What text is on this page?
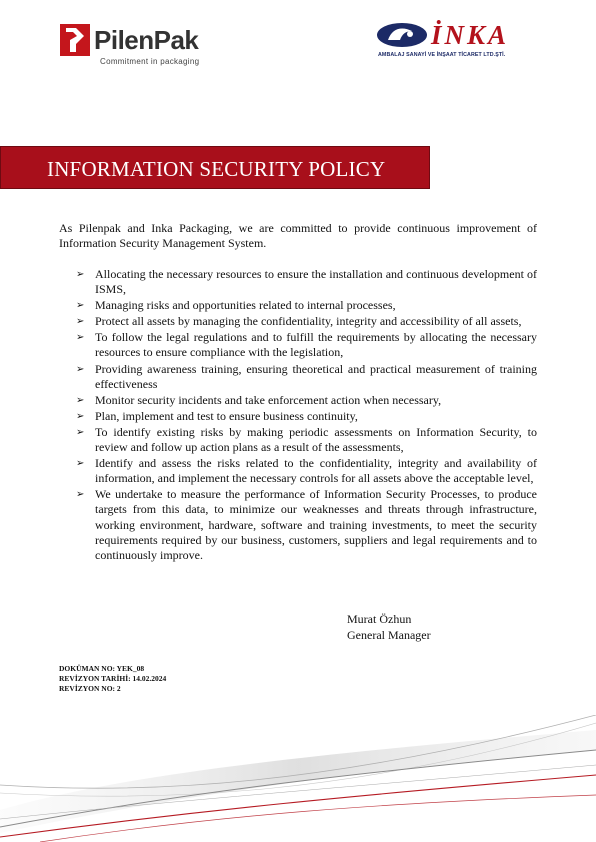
PilenPak
Commitment in packaging
İNKA
AMBALAJ SANAYİ VE İNŞAAT TİCARET LTD.ŞTİ.
INFORMATION SECURITY POLICY
As Pilenpak and Inka Packaging, we are committed to provide continuous improvement of Information Security Management System.
➢ Allocating the necessary resources to ensure the installation and continuous development of ISMS,
➢ Managing risks and opportunities related to internal processes,
➢ Protect all assets by managing the confidentiality, integrity and accessibility of all assets,
➢ To follow the legal regulations and to fulfill the requirements by allocating the necessary resources to ensure compliance with the legislation,
➢ Providing awareness training, ensuring theoretical and practical measurement of training effectiveness
➢ Monitor security incidents and take enforcement action when necessary,
➢ Plan, implement and test to ensure business continuity,
➢ To identify existing risks by making periodic assessments on Information Security, to review and follow up action plans as a result of the assessments,
➢ Identify and assess the risks related to the confidentiality, integrity and availability of information, and implement the necessary controls for all assets above the acceptable level,
➢ We undertake to measure the performance of Information Security Processes, to produce targets from this data, to minimize our weaknesses and threats through infrastructure, working environment, hardware, software and training investments, to meet the security requirements required by our business, customers, suppliers and legal requirements and to continuously improve.
Murat Özhun
General Manager
DOKÜMAN NO: YEK_08
REVİZYON TARİHİ: 14.02.2024
REVİZYON NO: 2
